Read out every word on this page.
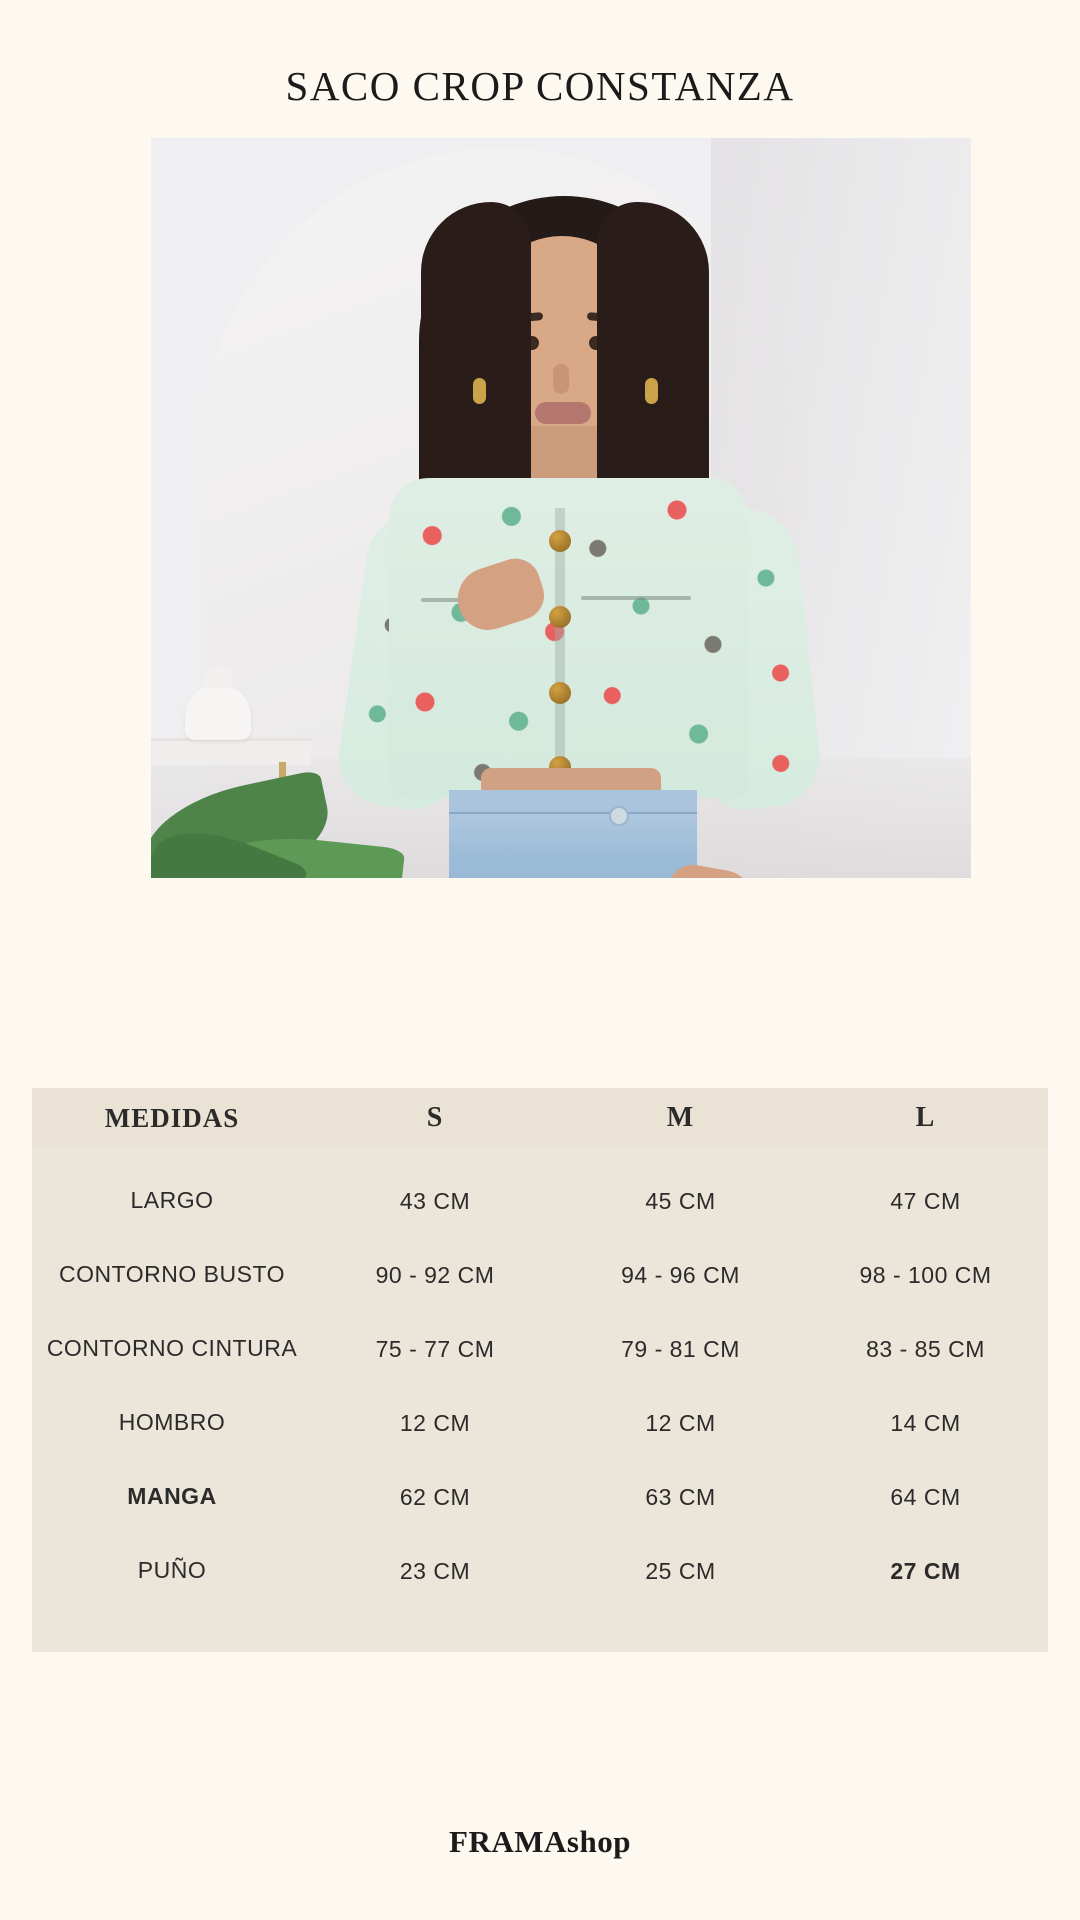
SACO CROP CONSTANZA
MEDIDAS	S	M	L
LARGO	43 CM	45 CM	47 CM
CONTORNO BUSTO	90 - 92 CM	94 - 96 CM	98 - 100 CM
CONTORNO CINTURA	75 - 77 CM	79 - 81 CM	83 - 85 CM
HOMBRO	12 CM	12 CM	14 CM
MANGA	62 CM	63 CM	64 CM
PUÑO	23 CM	25 CM	27 CM
FRAMAshop
